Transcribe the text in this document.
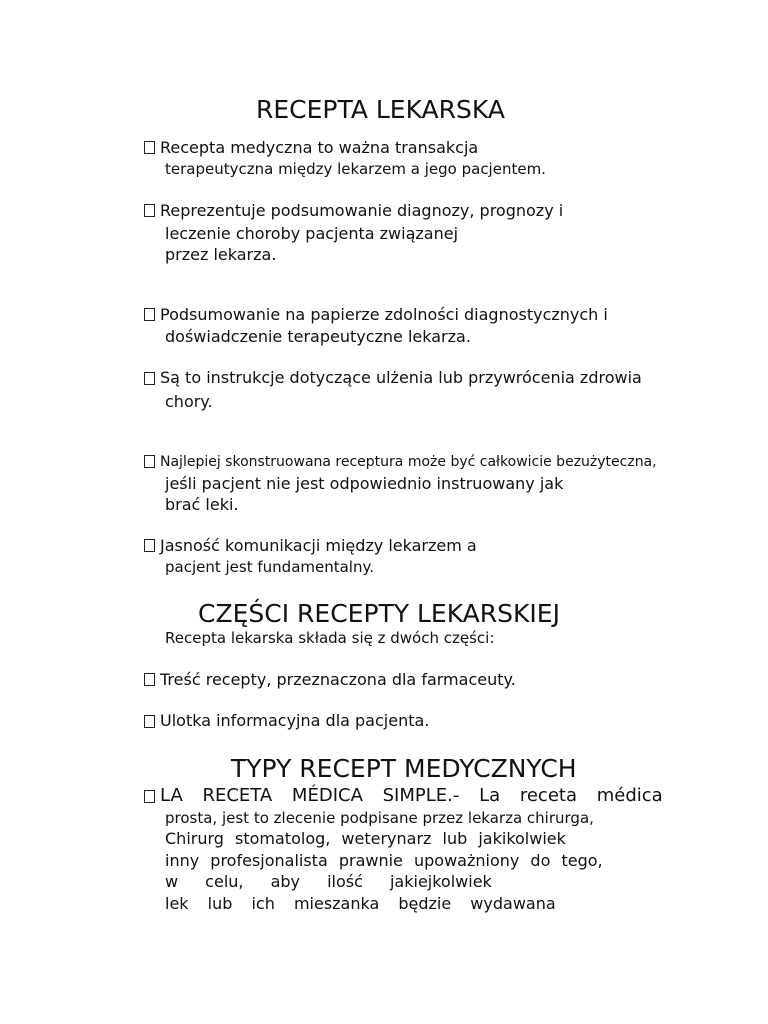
RECEPTA LEKARSKA
Recepta medyczna to ważna transakcja
terapeutyczna między lekarzem a jego pacjentem.
Reprezentuje podsumowanie diagnozy, prognozy i
leczenie choroby pacjenta związanej
przez lekarza.
Podsumowanie na papierze zdolności diagnostycznych i
doświadczenie terapeutyczne lekarza.
Są to instrukcje dotyczące ulżenia lub przywrócenia zdrowia
chory.
Najlepiej skonstruowana receptura może być całkowicie bezużyteczna,
jeśli pacjent nie jest odpowiednio instruowany jak
brać leki.
Jasność komunikacji między lekarzem a
pacjent jest fundamentalny.
CZĘŚCI RECEPTY LEKARSKIEJ
Recepta lekarska składa się z dwóch części:
Treść recepty, przeznaczona dla farmaceuty.
Ulotka informacyjna dla pacjenta.
TYPY RECEPT MEDYCZNYCH
LA RECETA MÉDICA SIMPLE.- La receta médica
prosta, jest to zlecenie podpisane przez lekarza chirurga,
Chirurg stomatolog, weterynarz lub jakikolwiek
inny profesjonalista prawnie upoważniony do tego,
w celu, aby ilość jakiejkolwiek
lek lub ich mieszanka będzie wydawana
